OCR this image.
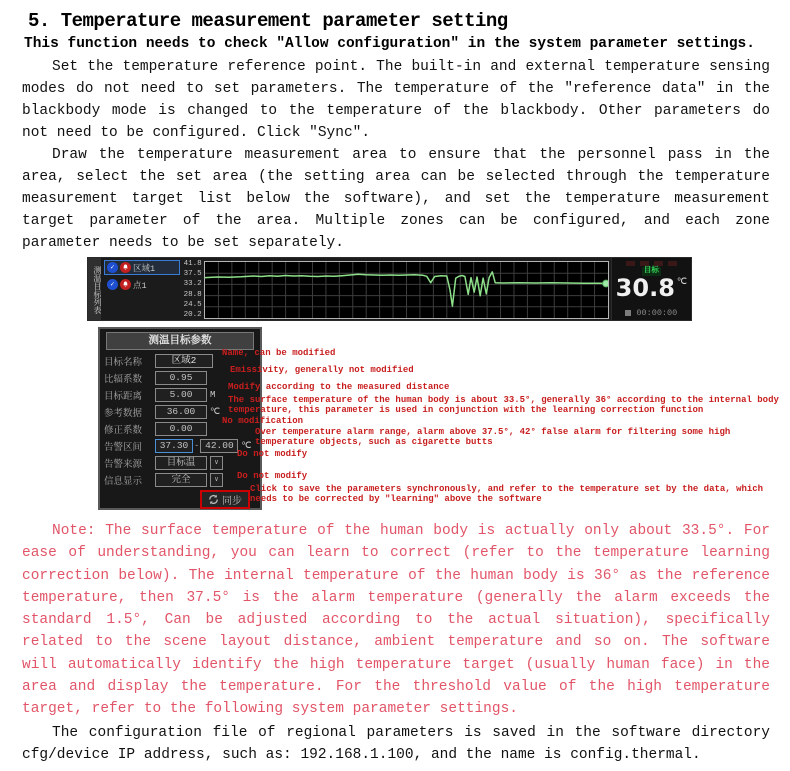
5. Temperature measurement parameter setting
This function needs to check "Allow configuration" in the system parameter settings.

Set the temperature reference point. The built-in and external temperature sensing modes do not need to set parameters. The temperature of the "reference data" in the blackbody mode is changed to the temperature of the blackbody. Other parameters do not need to be configured. Click "Sync".

Draw the temperature measurement area to ensure that the personnel pass in the area, select the set area (the setting area can be selected through the temperature measurement target list below the software), and set the temperature measurement target parameter of the area. Multiple zones can be configured, and each zone parameter needs to be set separately.

测温目标列表	✓	区域1
✓	点1
41.8
37.5
33.2
28.8
24.5
20.2
目标
30.8 ℃
00:00:00
测温目标参数
目标名称	区域2
比辐系数	0.95
目标距离	5.00	M
参考数据	36.00	℃
修正系数	0.00
告警区间	37.30 - 42.00 ℃
告警来源	目标温	∨
信息显示	完全	∨
同步
Name, can be modified
Emissivity, generally not modified
Modify according to the measured distance
The surface temperature of the human body is about 33.5°, generally 36° according to the internal body temperature, this parameter is used in conjunction with the learning correction function
No modification
Over temperature alarm range, alarm above 37.5°, 42° false alarm for filtering some high temperature objects, such as cigarette butts
Do not modify
Do not modify
Click to save the parameters synchronously, and refer to the temperature set by the data, which needs to be corrected by "learning" above the software

Note: The surface temperature of the human body is actually only about 33.5°. For ease of understanding, you can learn to correct (refer to the temperature learning correction below). The internal temperature of the human body is 36° as the reference temperature, then 37.5° is the alarm temperature (generally the alarm exceeds the standard 1.5°, Can be adjusted according to the actual situation), specifically related to the scene layout distance, ambient temperature and so on. The software will automatically identify the high temperature target (usually human face) in the area and display the temperature. For the threshold value of the high temperature target, refer to the following system parameter settings.

The configuration file of regional parameters is saved in the software directory cfg/device IP address, such as: 192.168.1.100, and the name is config.thermal.
